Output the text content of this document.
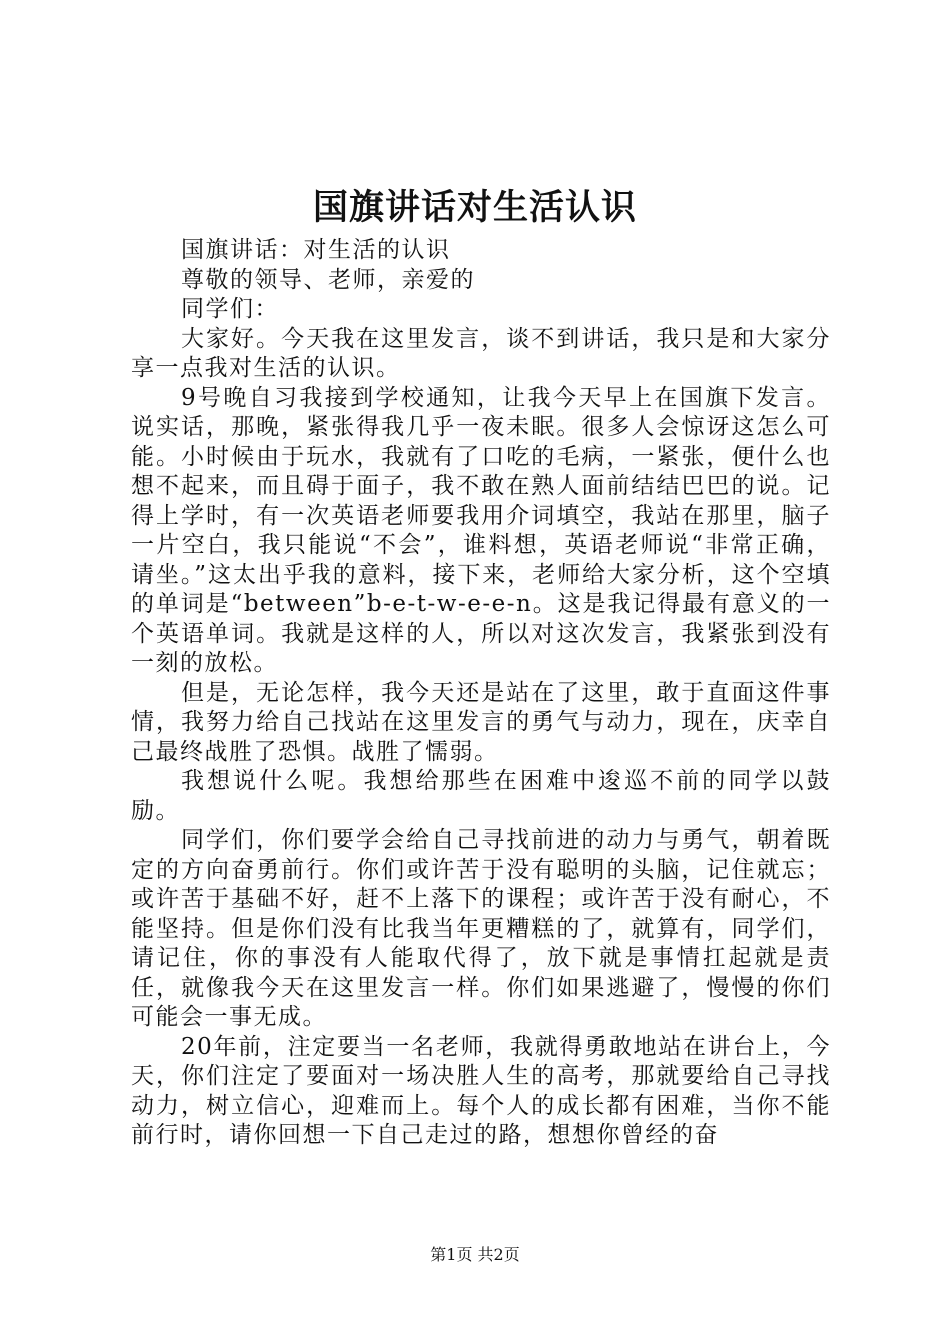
国旗讲话对生活认识

国旗讲话：对生活的认识

尊敬的领导、老师，亲爱的

同学们：

大家好。今天我在这里发言，谈不到讲话，我只是和大家分享一点我对生活的认识。

9号晚自习我接到学校通知，让我今天早上在国旗下发言。说实话，那晚，紧张得我几乎一夜未眠。很多人会惊讶这怎么可能。小时候由于玩水，我就有了口吃的毛病，一紧张，便什么也想不起来，而且碍于面子，我不敢在熟人面前结结巴巴的说。记得上学时，有一次英语老师要我用介词填空，我站在那里，脑子一片空白，我只能说“不会”，谁料想，英语老师说“非常正确，请坐。”这太出乎我的意料，接下来，老师给大家分析，这个空填的单词是“between”b-e-t-w-e-e-n。这是我记得最有意义的一个英语单词。我就是这样的人，所以对这次发言，我紧张到没有一刻的放松。

但是，无论怎样，我今天还是站在了这里，敢于直面这件事情，我努力给自己找站在这里发言的勇气与动力，现在，庆幸自己最终战胜了恐惧。战胜了懦弱。

我想说什么呢。我想给那些在困难中逡巡不前的同学以鼓励。

同学们，你们要学会给自己寻找前进的动力与勇气，朝着既定的方向奋勇前行。你们或许苦于没有聪明的头脑，记住就忘；或许苦于基础不好，赶不上落下的课程；或许苦于没有耐心，不能坚持。但是你们没有比我当年更糟糕的了，就算有，同学们，请记住，你的事没有人能取代得了，放下就是事情扛起就是责任，就像我今天在这里发言一样。你们如果逃避了，慢慢的你们可能会一事无成。

20年前，注定要当一名老师，我就得勇敢地站在讲台上，今天，你们注定了要面对一场决胜人生的高考，那就要给自己寻找动力，树立信心，迎难而上。每个人的成长都有困难，当你不能前行时，请你回想一下自己走过的路，想想你曾经的奋

第1页 共2页
